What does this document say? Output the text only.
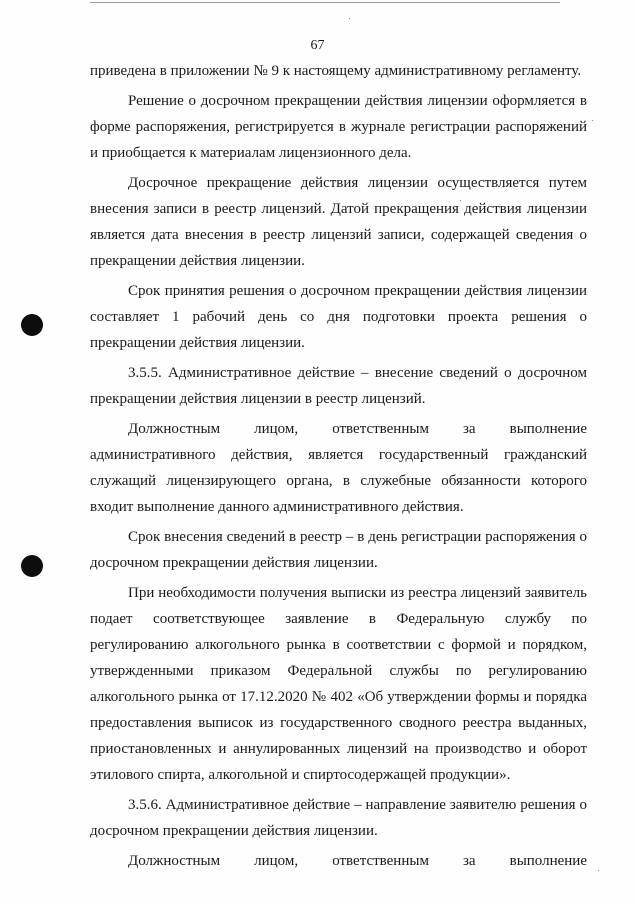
67

приведена в приложении № 9 к настоящему административному регламенту.

Решение о досрочном прекращении действия лицензии оформляется в форме распоряжения, регистрируется в журнале регистрации распоряжений и приобщается к материалам лицензионного дела.

Досрочное прекращение действия лицензии осуществляется путем внесения записи в реестр лицензий. Датой прекращения действия лицензии является дата внесения в реестр лицензий записи, содержащей сведения о прекращении действия лицензии.

Срок принятия решения о досрочном прекращении действия лицензии составляет 1 рабочий день со дня подготовки проекта решения о прекращении действия лицензии.

3.5.5. Административное действие – внесение сведений о досрочном прекращении действия лицензии в реестр лицензий.

Должностным лицом, ответственным за выполнение административного действия, является государственный гражданский служащий лицензирующего органа, в служебные обязанности которого входит выполнение данного административного действия.

Срок внесения сведений в реестр – в день регистрации распоряжения о досрочном прекращении действия лицензии.

При необходимости получения выписки из реестра лицензий заявитель подает соответствующее заявление в Федеральную службу по регулированию алкогольного рынка в соответствии с формой и порядком, утвержденными приказом Федеральной службы по регулированию алкогольного рынка от 17.12.2020 № 402 «Об утверждении формы и порядка предоставления выписок из государственного сводного реестра выданных, приостановленных и аннулированных лицензий на производство и оборот этилового спирта, алкогольной и спиртосодержащей продукции».

3.5.6. Административное действие – направление заявителю решения о досрочном прекращении действия лицензии.

Должностным лицом, ответственным за выполнение
